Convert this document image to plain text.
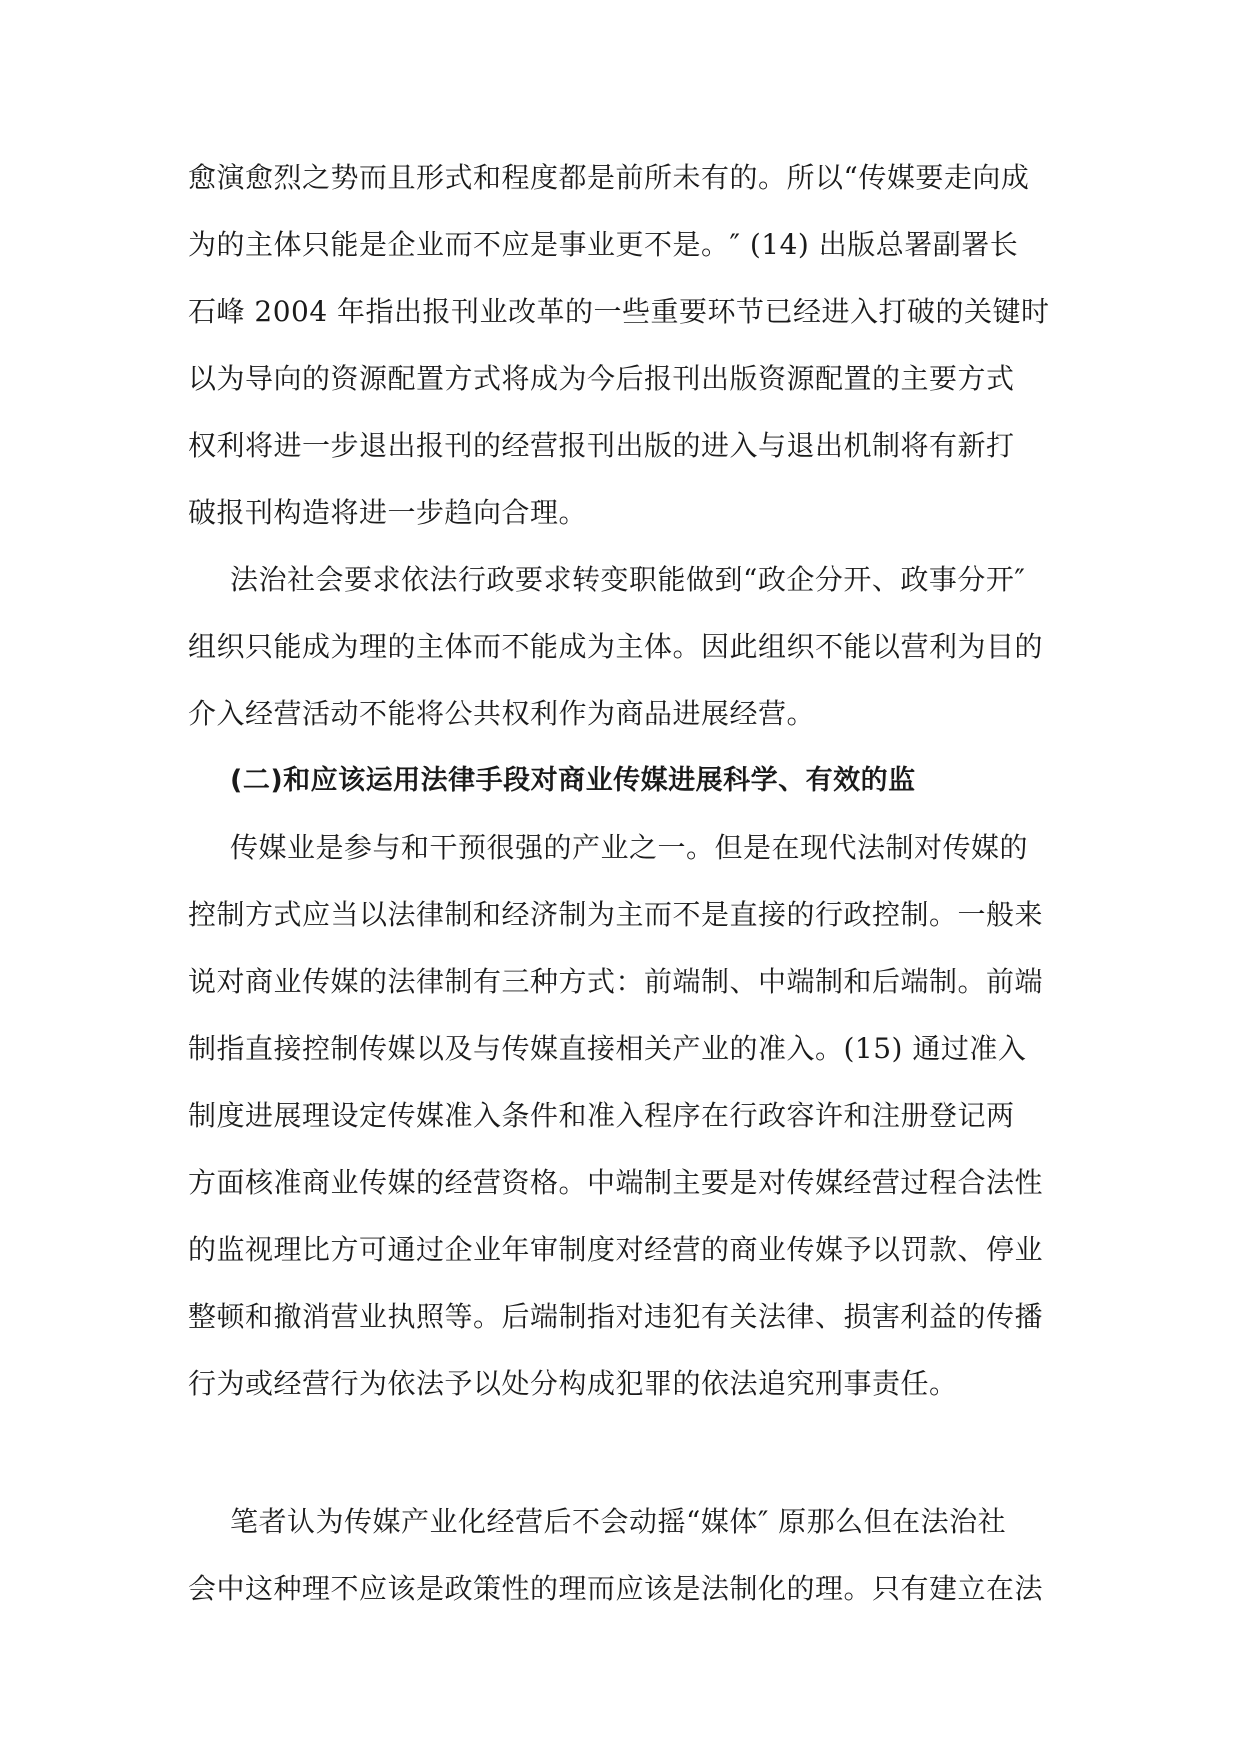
愈演愈烈之势而且形式和程度都是前所未有的。所以“传媒要走向成
为的主体只能是企业而不应是事业更不是。″ (14) 出版总署副署长
石峰 2004 年指出报刊业改革的一些重要环节已经进入打破的关键时
以为导向的资源配置方式将成为今后报刊出版资源配置的主要方式
权利将进一步退出报刊的经营报刊出版的进入与退出机制将有新打
破报刊构造将进一步趋向合理。
法治社会要求依法行政要求转变职能做到“政企分开、政事分开″
组织只能成为理的主体而不能成为主体。因此组织不能以营利为目的
介入经营活动不能将公共权利作为商品进展经营。
(二)和应该运用法律手段对商业传媒进展科学、有效的监
传媒业是参与和干预很强的产业之一。但是在现代法制对传媒的
控制方式应当以法律制和经济制为主而不是直接的行政控制。一般来
说对商业传媒的法律制有三种方式：前端制、中端制和后端制。前端
制指直接控制传媒以及与传媒直接相关产业的准入。(15) 通过准入
制度进展理设定传媒准入条件和准入程序在行政容许和注册登记两
方面核准商业传媒的经营资格。中端制主要是对传媒经营过程合法性
的监视理比方可通过企业年审制度对经营的商业传媒予以罚款、停业
整顿和撤消营业执照等。后端制指对违犯有关法律、损害利益的传播
行为或经营行为依法予以处分构成犯罪的依法追究刑事责任。
笔者认为传媒产业化经营后不会动摇“媒体″ 原那么但在法治社
会中这种理不应该是政策性的理而应该是法制化的理。只有建立在法
